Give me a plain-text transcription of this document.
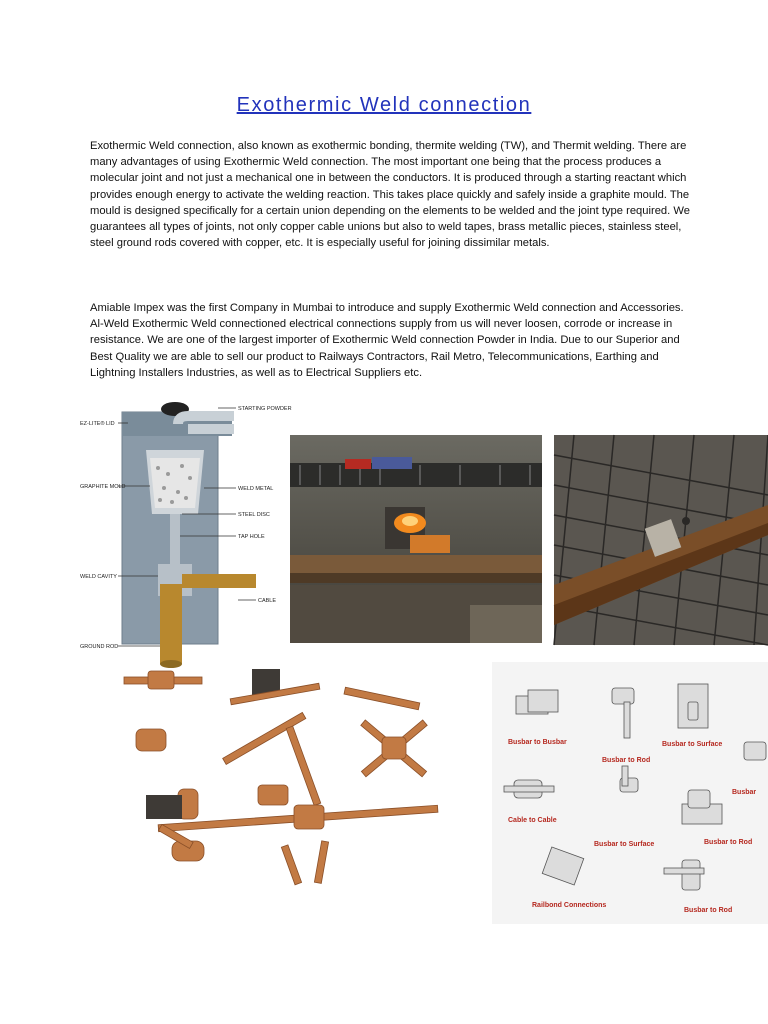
Exothermic Weld connection
Exothermic Weld connection, also known as exothermic bonding, thermite welding (TW), and Thermit welding. There are many advantages of using Exothermic Weld connection. The most important one being that the process produces a molecular joint and not just a mechanical one in between the conductors. It is produced through a starting reactant which provides enough energy to activate the welding reaction. This takes place quickly and safely inside a graphite mould. The mould is designed specifically for a certain union depending on the elements to be welded and the joint type required. We guarantees all types of joints, not only copper cable unions but also to weld tapes, brass metallic pieces, stainless steel, steel ground rods covered with copper, etc. It is especially useful for joining dissimilar metals.
Amiable Impex was the first Company in Mumbai to introduce and supply Exothermic Weld connection and Accessories. Al-Weld Exothermic Weld connectioned electrical connections supply from us will never loosen, corrode or increase in resistance. We are one of the largest importer of Exothermic Weld connection Powder in India. Due to our Superior and Best Quality we are able to sell our product to Railways Contractors, Rail Metro, Telecommunications, Earthing and Lightning Installers Industries, as well as to Electrical Suppliers etc.
STARTING POWDER
EZ-LITE® LID
GRAPHITE MOLD	WELD METAL
STEEL DISC
TAP HOLE
WELD CAVITY
CABLE
GROUND ROD
Busbar to Busbar
Busbar to Rod
Busbar to Surface
Busbar
Cable to Cable
Busbar to Surface	Busbar to Rod
Railbond Connections
Busbar to Rod
